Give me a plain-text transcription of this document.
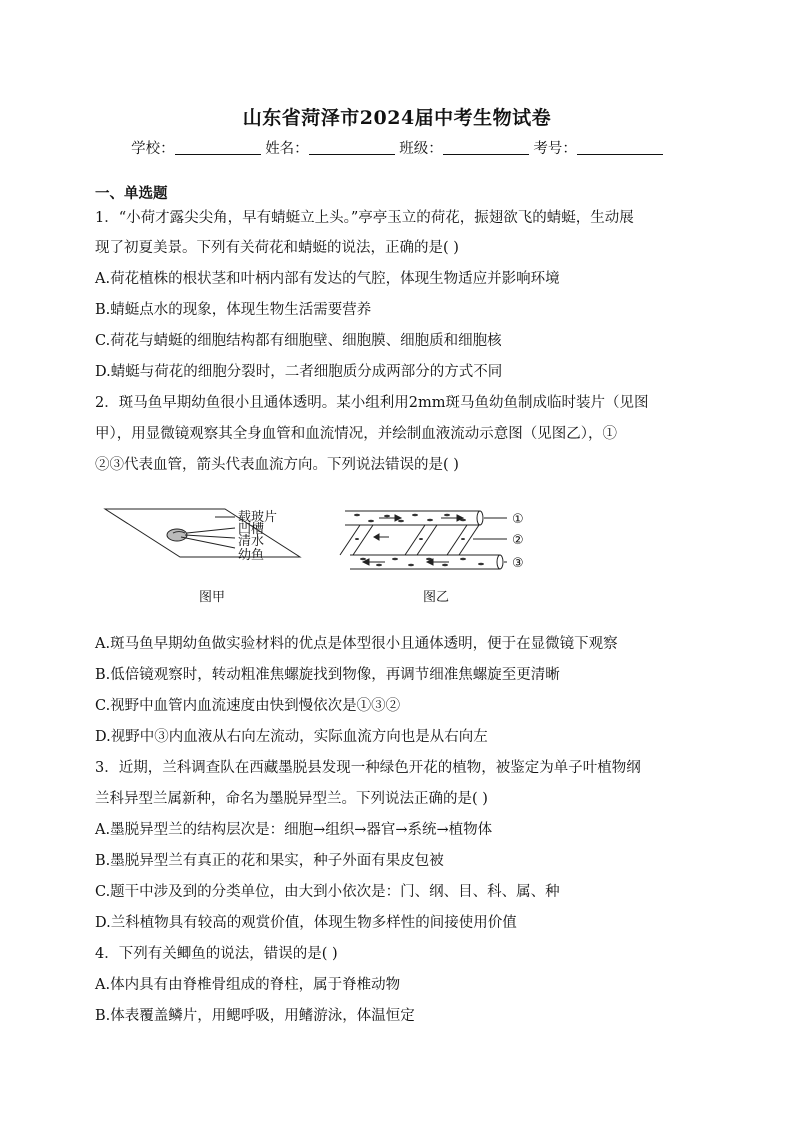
山东省菏泽市2024届中考生物试卷
学校：	姓名：	班级：	考号：
一、单选题
1．“小荷才露尖尖角，早有蜻蜓立上头。”亭亭玉立的荷花，振翅欲飞的蜻蜓，生动展
现了初夏美景。下列有关荷花和蜻蜓的说法，正确的是( )
A.荷花植株的根状茎和叶柄内部有发达的气腔，体现生物适应并影响环境
B.蜻蜓点水的现象，体现生物生活需要营养
C.荷花与蜻蜓的细胞结构都有细胞壁、细胞膜、细胞质和细胞核
D.蜻蜓与荷花的细胞分裂时，二者细胞质分成两部分的方式不同
2．斑马鱼早期幼鱼很小且通体透明。某小组利用2mm斑马鱼幼鱼制成临时装片（见图
甲），用显微镜观察其全身血管和血流情况，并绘制血液流动示意图（见图乙），①
②③代表血管，箭头代表血流方向。下列说法错误的是( )
载玻片
凹槽
清水
幼鱼
图甲
①
②
③
图乙
A.斑马鱼早期幼鱼做实验材料的优点是体型很小且通体透明，便于在显微镜下观察
B.低倍镜观察时，转动粗准焦螺旋找到物像，再调节细准焦螺旋至更清晰
C.视野中血管内血流速度由快到慢依次是①③②
D.视野中③内血液从右向左流动，实际血流方向也是从右向左
3．近期，兰科调查队在西藏墨脱县发现一种绿色开花的植物，被鉴定为单子叶植物纲
兰科异型兰属新种，命名为墨脱异型兰。下列说法正确的是( )
A.墨脱异型兰的结构层次是：细胞→组织→器官→系统→植物体
B.墨脱异型兰有真正的花和果实，种子外面有果皮包被
C.题干中涉及到的分类单位，由大到小依次是：门、纲、目、科、属、种
D.兰科植物具有较高的观赏价值，体现生物多样性的间接使用价值
4．下列有关鲫鱼的说法，错误的是( )
A.体内具有由脊椎骨组成的脊柱，属于脊椎动物
B.体表覆盖鳞片，用鳃呼吸，用鳍游泳，体温恒定
